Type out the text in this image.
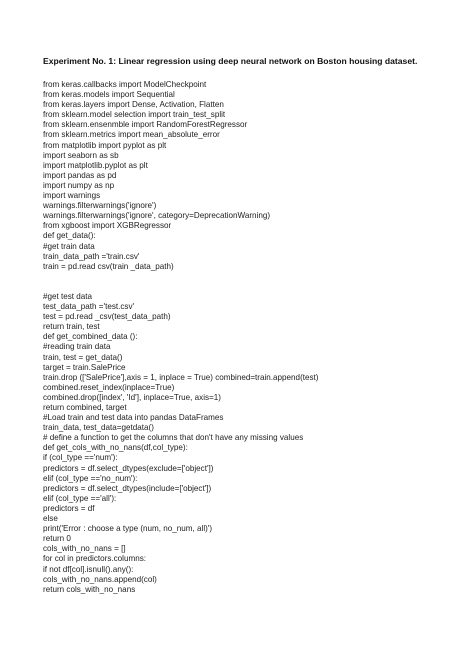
Experiment No. 1: Linear regression using deep neural network on Boston housing dataset.
from keras.callbacks import ModelCheckpoint
from keras.models import Sequential
from keras.layers import Dense, Activation, Flatten
from sklearn.model selection import train_test_split
from sklearn.ensenmble import RandomForestRegressor
from sklearn.metrics import mean_absolute_error
from matplotlib import pyplot as plt
import seaborn as sb
import matplotlib.pyplot as plt
import pandas as pd
import numpy as np
import warnings
warnings.filterwarnings('ignore')
warnings.filterwarnings('ignore', category=DeprecationWarning)
from xgboost import XGBRegressor
def get_data():
#get train data
train_data_path ='train.csv'
train = pd.read csv(train _data_path)
#get test data
test_data_path ='test.csv'
test = pd.read _csv(test_data_path)
return train, test
def get_combined_data ():
#reading train data
train, test = get_data()
target = train.SalePrice
train.drop (['SalePrice'],axis = 1, inplace = True) combined=train.append(test)
combined.reset_index(inplace=True)
combined.drop([index', 'Id'], inplace=True, axis=1)
return combined, target
#Load train and test data into pandas DataFrames
train_data, test_data=getdata()
# define a function to get the columns that don't have any missing values
def get_cols_with_no_nans(df,col_type):
if (col_type =='num'):
predictors = df.select_dtypes(exclude=['object'])
elif (col_type =='no_num'):
predictors = df.select_dtypes(include=['object'])
elif (col_type =='all'):
predictors = df
else
print('Error : choose a type (num, no_num, all)')
return 0
cols_with_no_nans = []
for col in predictors.columns:
if not df[col].isnull().any():
cols_with_no_nans.append(col)
return cols_with_no_nans
